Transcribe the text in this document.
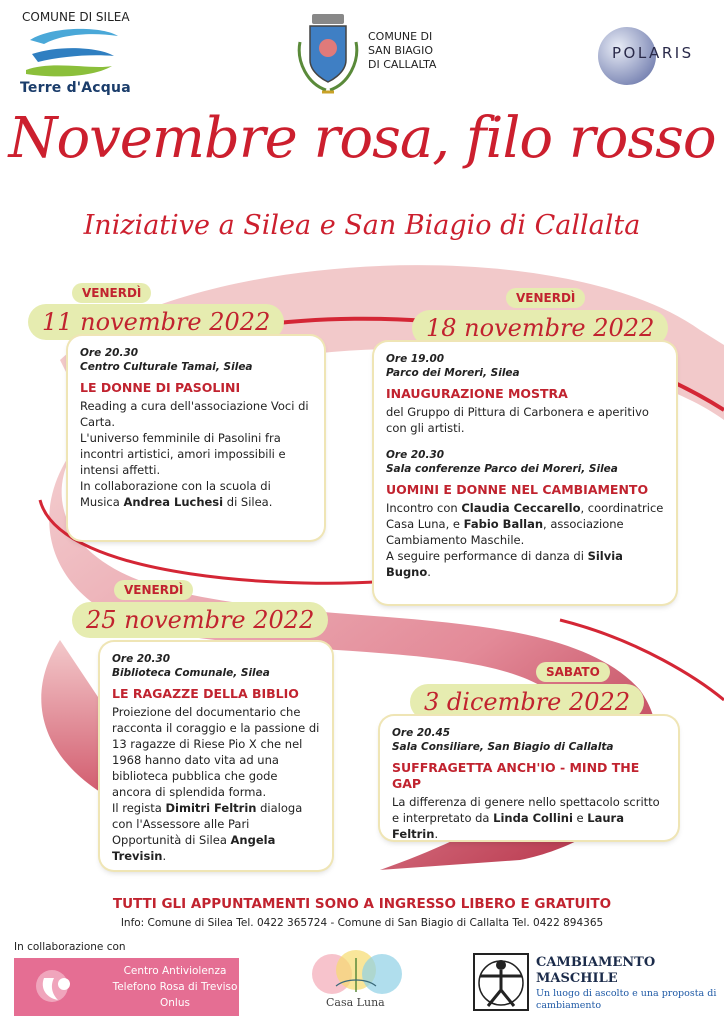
COMUNE DI SILEA
Terre d'Acqua
COMUNE DI
SAN BIAGIO
DI CALLALTA
POLARIS
Novembre rosa, filo rosso
Iniziative a Silea e San Biagio di Callalta
VENERDÌ
11 novembre 2022
Ore 20.30
Centro Culturale Tamai, Silea
LE DONNE DI PASOLINI

Reading a cura dell'associazione Voci di Carta.

L'universo femminile di Pasolini fra incontri artistici, amori impossibili e intensi affetti.

In collaborazione con la scuola di Musica Andrea Luchesi di Silea.

VENERDÌ
18 novembre 2022
Ore 19.00
Parco dei Moreri, Silea
INAUGURAZIONE MOSTRA

del Gruppo di Pittura di Carbonera e aperitivo con gli artisti.

Ore 20.30
Sala conferenze Parco dei Moreri, Silea
UOMINI E DONNE NEL CAMBIAMENTO

Incontro con Claudia Ceccarello, coordinatrice Casa Luna, e Fabio Ballan, associazione Cambiamento Maschile.

A seguire performance di danza di Silvia Bugno.

VENERDÌ
25 novembre 2022
Ore 20.30
Biblioteca Comunale, Silea
LE RAGAZZE DELLA BIBLIO

Proiezione del documentario che racconta il coraggio e la passione di 13 ragazze di Riese Pio X che nel 1968 hanno dato vita ad una biblioteca pubblica che gode ancora di splendida forma.

Il regista Dimitri Feltrin dialoga con l'Assessore alle Pari Opportunità di Silea Angela Trevisin.

SABATO
3 dicembre 2022
Ore 20.45
Sala Consiliare, San Biagio di Callalta
SUFFRAGETTA ANCH'IO - MIND THE GAP

La differenza di genere nello spettacolo scritto e interpretato da Linda Collini e Laura Feltrin.

TUTTI GLI APPUNTAMENTI SONO A INGRESSO LIBERO E GRATUITO
Info: Comune di Silea Tel. 0422 365724 - Comune di San Biagio di Callalta Tel. 0422 894365
In collaborazione con
Centro Antiviolenza
Telefono Rosa di Treviso
Onlus	Casa Luna
CAMBIAMENTO
MASCHILE
Un luogo di ascolto e una proposta di cambiamento
